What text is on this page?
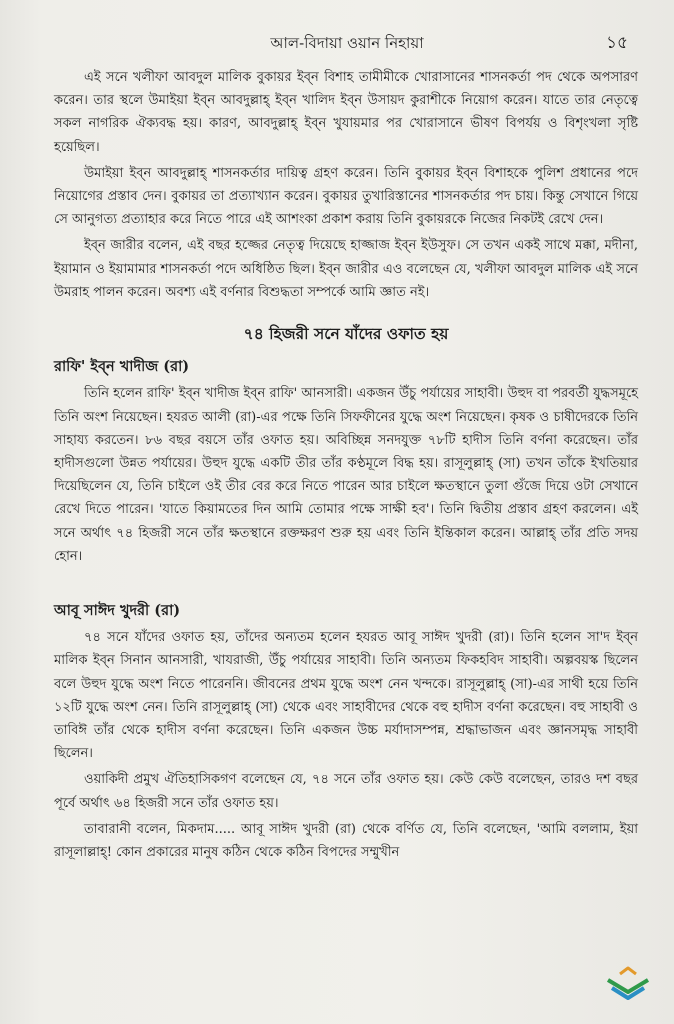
আল-বিদায়া ওয়ান নিহায়া	১৫

এই সনে খলীফা আবদুল মালিক বুকায়র ইব্‌ন বিশাহ তামীমীকে খোরাসানের শাসনকর্তা পদ থেকে অপসারণ করেন। তার স্থলে উমাইয়া ইব্‌ন আবদুল্লাহ্ ইব্‌ন খালিদ ইব্‌ন উসায়দ কুরাশীকে নিয়োগ করেন। যাতে তার নেতৃত্বে সকল নাগরিক ঐক্যবদ্ধ হয়। কারণ, আবদুল্লাহ্ ইব্‌ন খুযায়মার পর খোরাসানে ভীষণ বিপর্যয় ও বিশৃংখলা সৃষ্টি হয়েছিল।

উমাইয়া ইব্‌ন আবদুল্লাহ্ শাসনকর্তার দায়িত্ব গ্রহণ করেন। তিনি বুকায়র ইব্‌ন বিশাহকে পুলিশ প্রধানের পদে নিয়োগের প্রস্তাব দেন। বুকায়র তা প্রত্যাখ্যান করেন। বুকায়র তুখারিস্তানের শাসনকর্তার পদ চায়। কিন্তু সেখানে গিয়ে সে আনুগত্য প্রত্যাহার করে নিতে পারে এই আশংকা প্রকাশ করায় তিনি বুকায়রকে নিজের নিকটই রেখে দেন।

ইব্‌ন জারীর বলেন, এই বছর হজ্জের নেতৃত্ব দিয়েছে হাজ্জাজ ইব্‌ন ইউসুফ। সে তখন একই সাথে মক্কা, মদীনা, ইয়ামান ও ইয়ামামার শাসনকর্তা পদে অধিষ্ঠিত ছিল। ইব্‌ন জারীর এও বলেছেন যে, খলীফা আবদুল মালিক এই সনে উমরাহ পালন করেন। অবশ্য এই বর্ণনার বিশুদ্ধতা সম্পর্কে আমি জ্ঞাত নই।

৭৪ হিজরী সনে যাঁদের ওফাত হয়
রাফি' ইব্‌ন খাদীজ (রা)

তিনি হলেন রাফি' ইব্‌ন খাদীজ ইব্‌ন রাফি' আনসারী। একজন উঁচু পর্যায়ের সাহাবী। উহুদ বা পরবর্তী যুদ্ধসমূহে তিনি অংশ নিয়েছেন। হযরত আলী (রা)-এর পক্ষে তিনি সিফফীনের যুদ্ধে অংশ নিয়েছেন। কৃষক ও চাষীদেরকে তিনি সাহায্য করতেন। ৮৬ বছর বয়সে তাঁর ওফাত হয়। অবিচ্ছিন্ন সনদযুক্ত ৭৮টি হাদীস তিনি বর্ণনা করেছেন। তাঁর হাদীসগুলো উন্নত পর্যায়ের। উহুদ যুদ্ধে একটি তীর তাঁর কণ্ঠমূলে বিদ্ধ হয়। রাসূলুল্লাহ্ (সা) তখন তাঁকে ইখতিয়ার দিয়েছিলেন যে, তিনি চাইলে ওই তীর বের করে নিতে পারেন আর চাইলে ক্ষতস্থানে তুলা গুঁজে দিয়ে ওটা সেখানে রেখে দিতে পারেন। 'যাতে কিয়ামতের দিন আমি তোমার পক্ষে সাক্ষী হব'। তিনি দ্বিতীয় প্রস্তাব গ্রহণ করলেন। এই সনে অর্থাৎ ৭৪ হিজরী সনে তাঁর ক্ষতস্থানে রক্তক্ষরণ শুরু হয় এবং তিনি ইন্তিকাল করেন। আল্লাহ্ তাঁর প্রতি সদয় হোন।

আবূ সাঈদ খুদরী (রা)

৭৪ সনে যাঁদের ওফাত হয়, তাঁদের অন্যতম হলেন হযরত আবূ সাঈদ খুদরী (রা)। তিনি হলেন সা'দ ইব্‌ন মালিক ইব্‌ন সিনান আনসারী, খাযরাজী, উঁচু পর্যায়ের সাহাবী। তিনি অন্যতম ফিকহবিদ সাহাবী। অল্পবয়স্ক ছিলেন বলে উহুদ যুদ্ধে অংশ নিতে পারেননি। জীবনের প্রথম যুদ্ধে অংশ নেন খন্দকে। রাসূলুল্লাহ্ (সা)-এর সাথী হয়ে তিনি ১২টি যুদ্ধে অংশ নেন। তিনি রাসূলুল্লাহ্ (সা) থেকে এবং সাহাবীদের থেকে বহু হাদীস বর্ণনা করেছেন। বহু সাহাবী ও তাবিঈ তাঁর থেকে হাদীস বর্ণনা করেছেন। তিনি একজন উচ্চ মর্যাদাসম্পন্ন, শ্রদ্ধাভাজন এবং জ্ঞানসমৃদ্ধ সাহাবী ছিলেন।

ওয়াকিদী প্রমুখ ঐতিহাসিকগণ বলেছেন যে, ৭৪ সনে তাঁর ওফাত হয়। কেউ কেউ বলেছেন, তারও দশ বছর পূর্বে অর্থাৎ ৬৪ হিজরী সনে তাঁর ওফাত হয়।

তাবারানী বলেন, মিকদাম..... আবূ সাঈদ খুদরী (রা) থেকে বর্ণিত যে, তিনি বলেছেন, 'আমি বললাম, ইয়া রাসূলাল্লাহ্! কোন প্রকারের মানুষ কঠিন থেকে কঠিন বিপদের সম্মুখীন
